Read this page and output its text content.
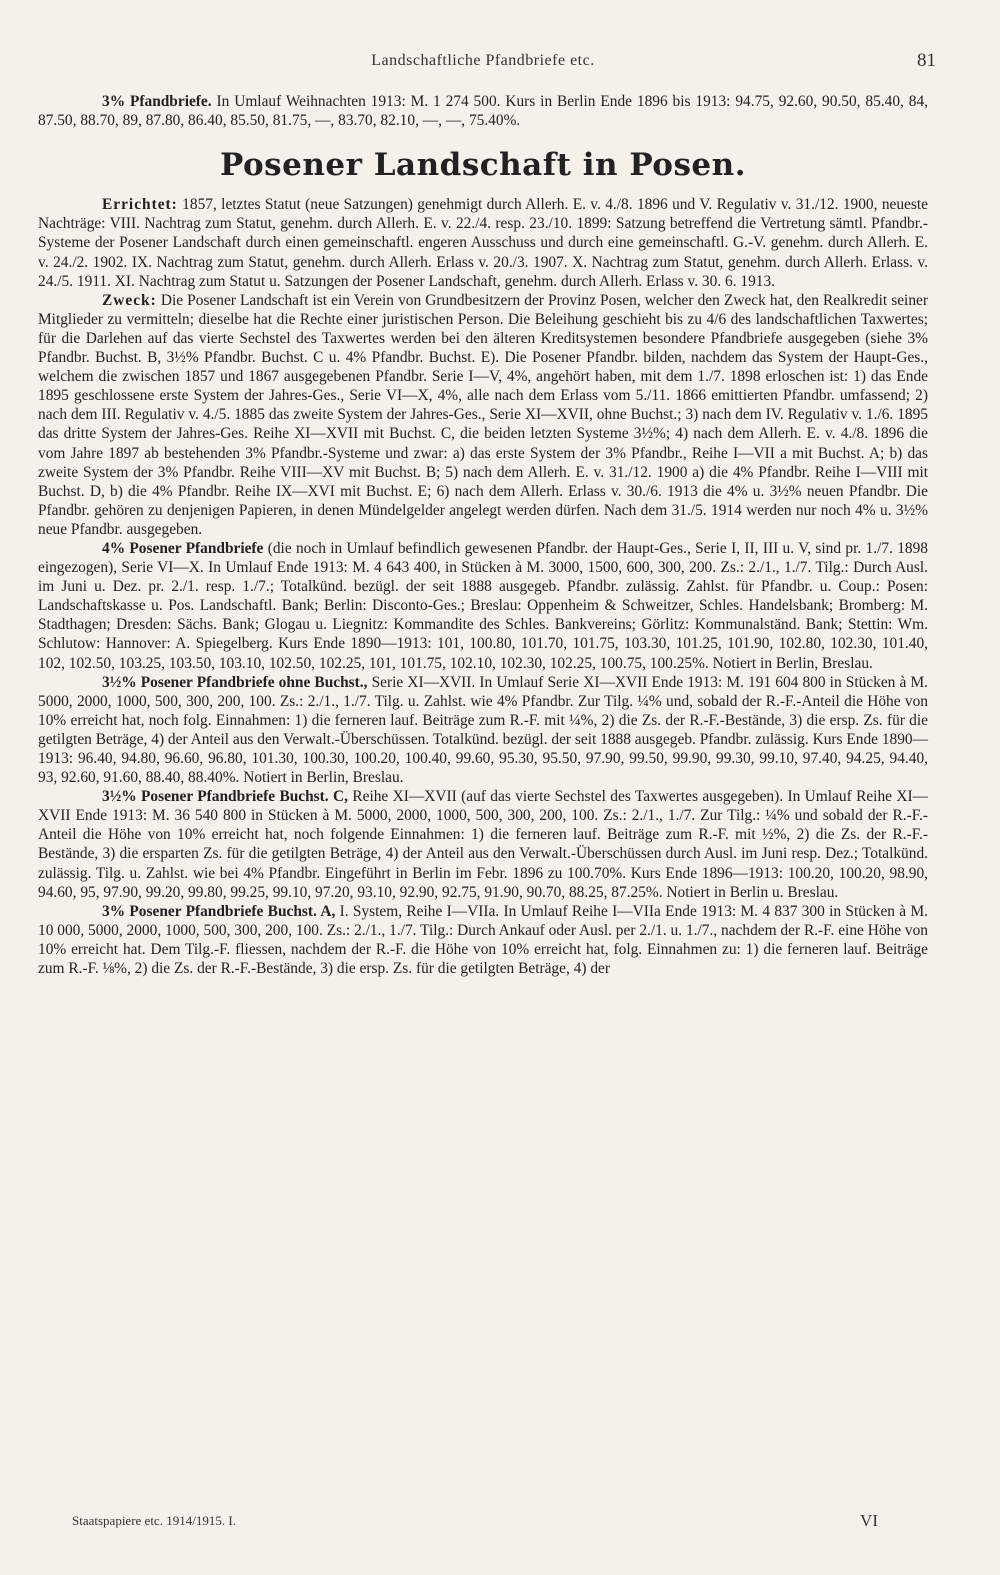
Landschaftliche Pfandbriefe etc.	81

3% Pfandbriefe. In Umlauf Weihnachten 1913: M. 1 274 500. Kurs in Berlin Ende 1896 bis 1913: 94.75, 92.60, 90.50, 85.40, 84, 87.50, 88.70, 89, 87.80, 86.40, 85.50, 81.75, —, 83.70, 82.10, —, —, 75.40%.

Posener Landschaft in Posen.

Errichtet: 1857, letztes Statut (neue Satzungen) genehmigt durch Allerh. E. v. 4./8. 1896 und V. Regulativ v. 31./12. 1900, neueste Nachträge: VIII. Nachtrag zum Statut, genehm. durch Allerh. E. v. 22./4. resp. 23./10. 1899: Satzung betreffend die Vertretung sämtl. Pfandbr.-Systeme der Posener Landschaft durch einen gemeinschaftl. engeren Ausschuss und durch eine gemeinschaftl. G.-V. genehm. durch Allerh. E. v. 24./2. 1902. IX. Nachtrag zum Statut, genehm. durch Allerh. Erlass v. 20./3. 1907. X. Nachtrag zum Statut, genehm. durch Allerh. Erlass. v. 24./5. 1911. XI. Nachtrag zum Statut u. Satzungen der Posener Landschaft, genehm. durch Allerh. Erlass v. 30. 6. 1913.

Zweck: Die Posener Landschaft ist ein Verein von Grundbesitzern der Provinz Posen, welcher den Zweck hat, den Realkredit seiner Mitglieder zu vermitteln; dieselbe hat die Rechte einer juristischen Person. Die Beleihung geschieht bis zu 4/6 des landschaftlichen Taxwertes; für die Darlehen auf das vierte Sechstel des Taxwertes werden bei den älteren Kreditsystemen besondere Pfandbriefe ausgegeben (siehe 3% Pfandbr. Buchst. B, 3½% Pfandbr. Buchst. C u. 4% Pfandbr. Buchst. E). Die Posener Pfandbr. bilden, nachdem das System der Haupt-Ges., welchem die zwischen 1857 und 1867 ausgegebenen Pfandbr. Serie I—V, 4%, angehört haben, mit dem 1./7. 1898 erloschen ist: 1) das Ende 1895 geschlossene erste System der Jahres-Ges., Serie VI—X, 4%, alle nach dem Erlass vom 5./11. 1866 emittierten Pfandbr. umfassend; 2) nach dem III. Regulativ v. 4./5. 1885 das zweite System der Jahres-Ges., Serie XI—XVII, ohne Buchst.; 3) nach dem IV. Regulativ v. 1./6. 1895 das dritte System der Jahres-Ges. Reihe XI—XVII mit Buchst. C, die beiden letzten Systeme 3½%; 4) nach dem Allerh. E. v. 4./8. 1896 die vom Jahre 1897 ab bestehenden 3% Pfandbr.-Systeme und zwar: a) das erste System der 3% Pfandbr., Reihe I—VII a mit Buchst. A; b) das zweite System der 3% Pfandbr. Reihe VIII—XV mit Buchst. B; 5) nach dem Allerh. E. v. 31./12. 1900 a) die 4% Pfandbr. Reihe I—VIII mit Buchst. D, b) die 4% Pfandbr. Reihe IX—XVI mit Buchst. E; 6) nach dem Allerh. Erlass v. 30./6. 1913 die 4% u. 3½% neuen Pfandbr. Die Pfandbr. gehören zu denjenigen Papieren, in denen Mündelgelder angelegt werden dürfen. Nach dem 31./5. 1914 werden nur noch 4% u. 3½% neue Pfandbr. ausgegeben.

4% Posener Pfandbriefe (die noch in Umlauf befindlich gewesenen Pfandbr. der Haupt-Ges., Serie I, II, III u. V, sind pr. 1./7. 1898 eingezogen), Serie VI—X. In Umlauf Ende 1913: M. 4 643 400, in Stücken à M. 3000, 1500, 600, 300, 200. Zs.: 2./1., 1./7. Tilg.: Durch Ausl. im Juni u. Dez. pr. 2./1. resp. 1./7.; Totalkünd. bezügl. der seit 1888 ausgegeb. Pfandbr. zulässig. Zahlst. für Pfandbr. u. Coup.: Posen: Landschaftskasse u. Pos. Landschaftl. Bank; Berlin: Disconto-Ges.; Breslau: Oppenheim & Schweitzer, Schles. Handelsbank; Bromberg: M. Stadthagen; Dresden: Sächs. Bank; Glogau u. Liegnitz: Kommandite des Schles. Bankvereins; Görlitz: Kommunalständ. Bank; Stettin: Wm. Schlutow: Hannover: A. Spiegelberg. Kurs Ende 1890—1913: 101, 100.80, 101.70, 101.75, 103.30, 101.25, 101.90, 102.80, 102.30, 101.40, 102, 102.50, 103.25, 103.50, 103.10, 102.50, 102.25, 101, 101.75, 102.10, 102.30, 102.25, 100.75, 100.25%. Notiert in Berlin, Breslau.

3½% Posener Pfandbriefe ohne Buchst., Serie XI—XVII. In Umlauf Serie XI—XVII Ende 1913: M. 191 604 800 in Stücken à M. 5000, 2000, 1000, 500, 300, 200, 100. Zs.: 2./1., 1./7. Tilg. u. Zahlst. wie 4% Pfandbr. Zur Tilg. ¼% und, sobald der R.-F.-Anteil die Höhe von 10% erreicht hat, noch folg. Einnahmen: 1) die ferneren lauf. Beiträge zum R.-F. mit ¼%, 2) die Zs. der R.-F.-Bestände, 3) die ersp. Zs. für die getilgten Beträge, 4) der Anteil aus den Verwalt.-Überschüssen. Totalkünd. bezügl. der seit 1888 ausgegeb. Pfandbr. zulässig. Kurs Ende 1890—1913: 96.40, 94.80, 96.60, 96.80, 101.30, 100.30, 100.20, 100.40, 99.60, 95.30, 95.50, 97.90, 99.50, 99.90, 99.30, 99.10, 97.40, 94.25, 94.40, 93, 92.60, 91.60, 88.40, 88.40%. Notiert in Berlin, Breslau.

3½% Posener Pfandbriefe Buchst. C, Reihe XI—XVII (auf das vierte Sechstel des Taxwertes ausgegeben). In Umlauf Reihe XI—XVII Ende 1913: M. 36 540 800 in Stücken à M. 5000, 2000, 1000, 500, 300, 200, 100. Zs.: 2./1., 1./7. Zur Tilg.: ¼% und sobald der R.-F.-Anteil die Höhe von 10% erreicht hat, noch folgende Einnahmen: 1) die ferneren lauf. Beiträge zum R.-F. mit ½%, 2) die Zs. der R.-F.-Bestände, 3) die ersparten Zs. für die getilgten Beträge, 4) der Anteil aus den Verwalt.-Überschüssen durch Ausl. im Juni resp. Dez.; Totalkünd. zulässig. Tilg. u. Zahlst. wie bei 4% Pfandbr. Eingeführt in Berlin im Febr. 1896 zu 100.70%. Kurs Ende 1896—1913: 100.20, 100.20, 98.90, 94.60, 95, 97.90, 99.20, 99.80, 99.25, 99.10, 97.20, 93.10, 92.90, 92.75, 91.90, 90.70, 88.25, 87.25%. Notiert in Berlin u. Breslau.

3% Posener Pfandbriefe Buchst. A, I. System, Reihe I—VIIa. In Umlauf Reihe I—VIIa Ende 1913: M. 4 837 300 in Stücken à M. 10 000, 5000, 2000, 1000, 500, 300, 200, 100. Zs.: 2./1., 1./7. Tilg.: Durch Ankauf oder Ausl. per 2./1. u. 1./7., nachdem der R.-F. eine Höhe von 10% erreicht hat. Dem Tilg.-F. fliessen, nachdem der R.-F. die Höhe von 10% erreicht hat, folg. Einnahmen zu: 1) die ferneren lauf. Beiträge zum R.-F. ⅛%, 2) die Zs. der R.-F.-Bestände, 3) die ersp. Zs. für die getilgten Beträge, 4) der

Staatspapiere etc. 1914/1915. I.	VI
